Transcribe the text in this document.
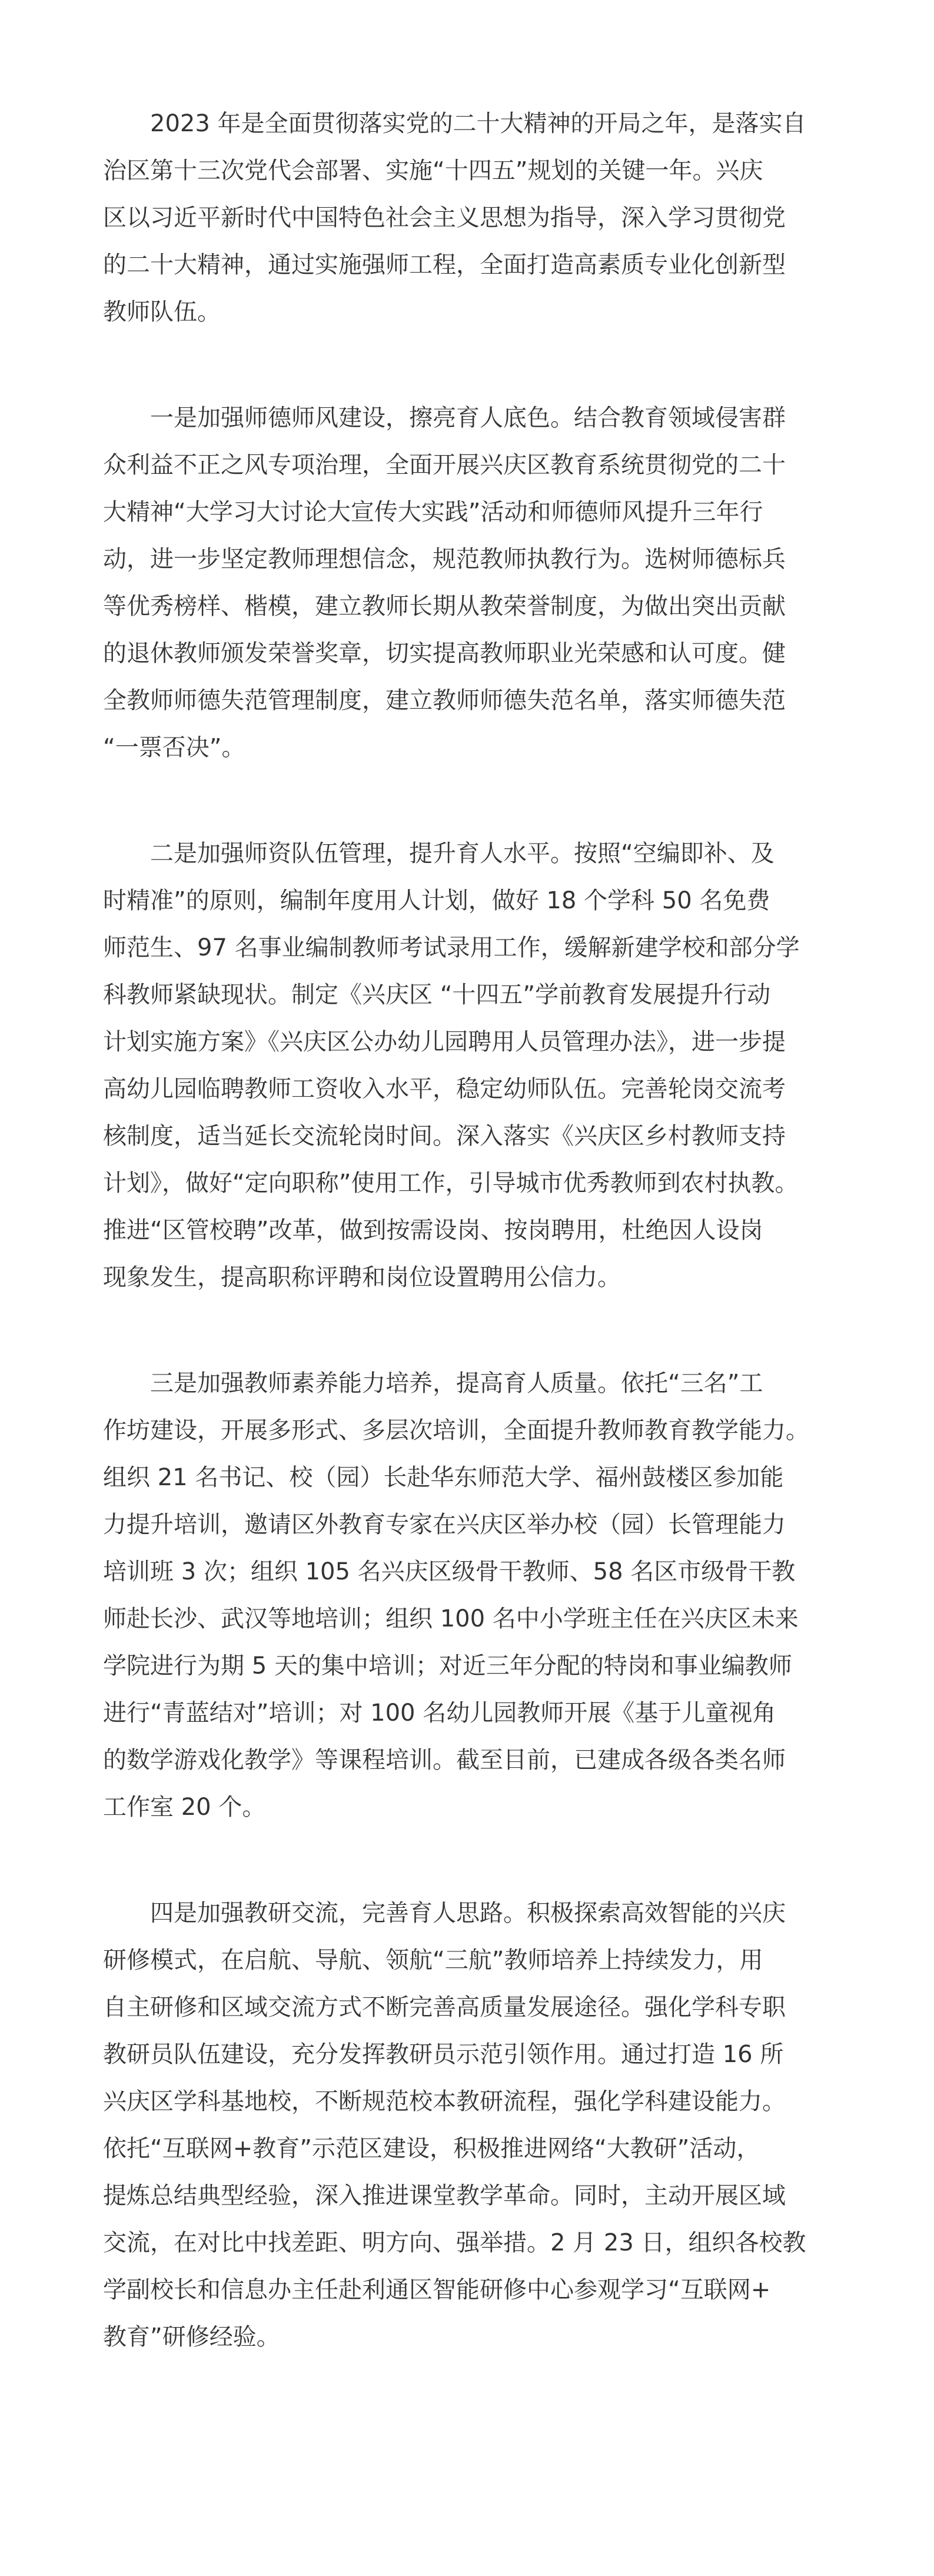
2023 年是全面贯彻落实党的二十大精神的开局之年，是落实自
治区第十三次党代会部署、实施“十四五”规划的关键一年。兴庆
区以习近平新时代中国特色社会主义思想为指导，深入学习贯彻党
的二十大精神，通过实施强师工程，全面打造高素质专业化创新型
教师队伍。

一是加强师德师风建设，擦亮育人底色。结合教育领域侵害群
众利益不正之风专项治理，全面开展兴庆区教育系统贯彻党的二十
大精神“大学习大讨论大宣传大实践”活动和师德师风提升三年行
动，进一步坚定教师理想信念，规范教师执教行为。选树师德标兵
等优秀榜样、楷模，建立教师长期从教荣誉制度，为做出突出贡献
的退休教师颁发荣誉奖章，切实提高教师职业光荣感和认可度。健
全教师师德失范管理制度，建立教师师德失范名单，落实师德失范
“一票否决”。

二是加强师资队伍管理，提升育人水平。按照“空编即补、及
时精准”的原则，编制年度用人计划，做好 18 个学科 50 名免费
师范生、97 名事业编制教师考试录用工作，缓解新建学校和部分学
科教师紧缺现状。制定《兴庆区 “十四五”学前教育发展提升行动
计划实施方案》《兴庆区公办幼儿园聘用人员管理办法》，进一步提
高幼儿园临聘教师工资收入水平，稳定幼师队伍。完善轮岗交流考
核制度，适当延长交流轮岗时间。深入落实《兴庆区乡村教师支持
计划》，做好“定向职称”使用工作，引导城市优秀教师到农村执教。
推进“区管校聘”改革，做到按需设岗、按岗聘用，杜绝因人设岗
现象发生，提高职称评聘和岗位设置聘用公信力。

三是加强教师素养能力培养，提高育人质量。依托“三名”工
作坊建设，开展多形式、多层次培训，全面提升教师教育教学能力。
组织 21 名书记、校（园）长赴华东师范大学、福州鼓楼区参加能
力提升培训，邀请区外教育专家在兴庆区举办校（园）长管理能力
培训班 3 次；组织 105 名兴庆区级骨干教师、58 名区市级骨干教
师赴长沙、武汉等地培训；组织 100 名中小学班主任在兴庆区未来
学院进行为期 5 天的集中培训；对近三年分配的特岗和事业编教师
进行“青蓝结对”培训；对 100 名幼儿园教师开展《基于儿童视角
的数学游戏化教学》等课程培训。截至目前，已建成各级各类名师
工作室 20 个。

四是加强教研交流，完善育人思路。积极探索高效智能的兴庆
研修模式，在启航、导航、领航“三航”教师培养上持续发力，用
自主研修和区域交流方式不断完善高质量发展途径。强化学科专职
教研员队伍建设，充分发挥教研员示范引领作用。通过打造 16 所
兴庆区学科基地校，不断规范校本教研流程，强化学科建设能力。
依托“互联网+教育”示范区建设，积极推进网络“大教研”活动，
提炼总结典型经验，深入推进课堂教学革命。同时，主动开展区域
交流，在对比中找差距、明方向、强举措。2 月 23 日，组织各校教
学副校长和信息办主任赴利通区智能研修中心参观学习“互联网+
教育”研修经验。
